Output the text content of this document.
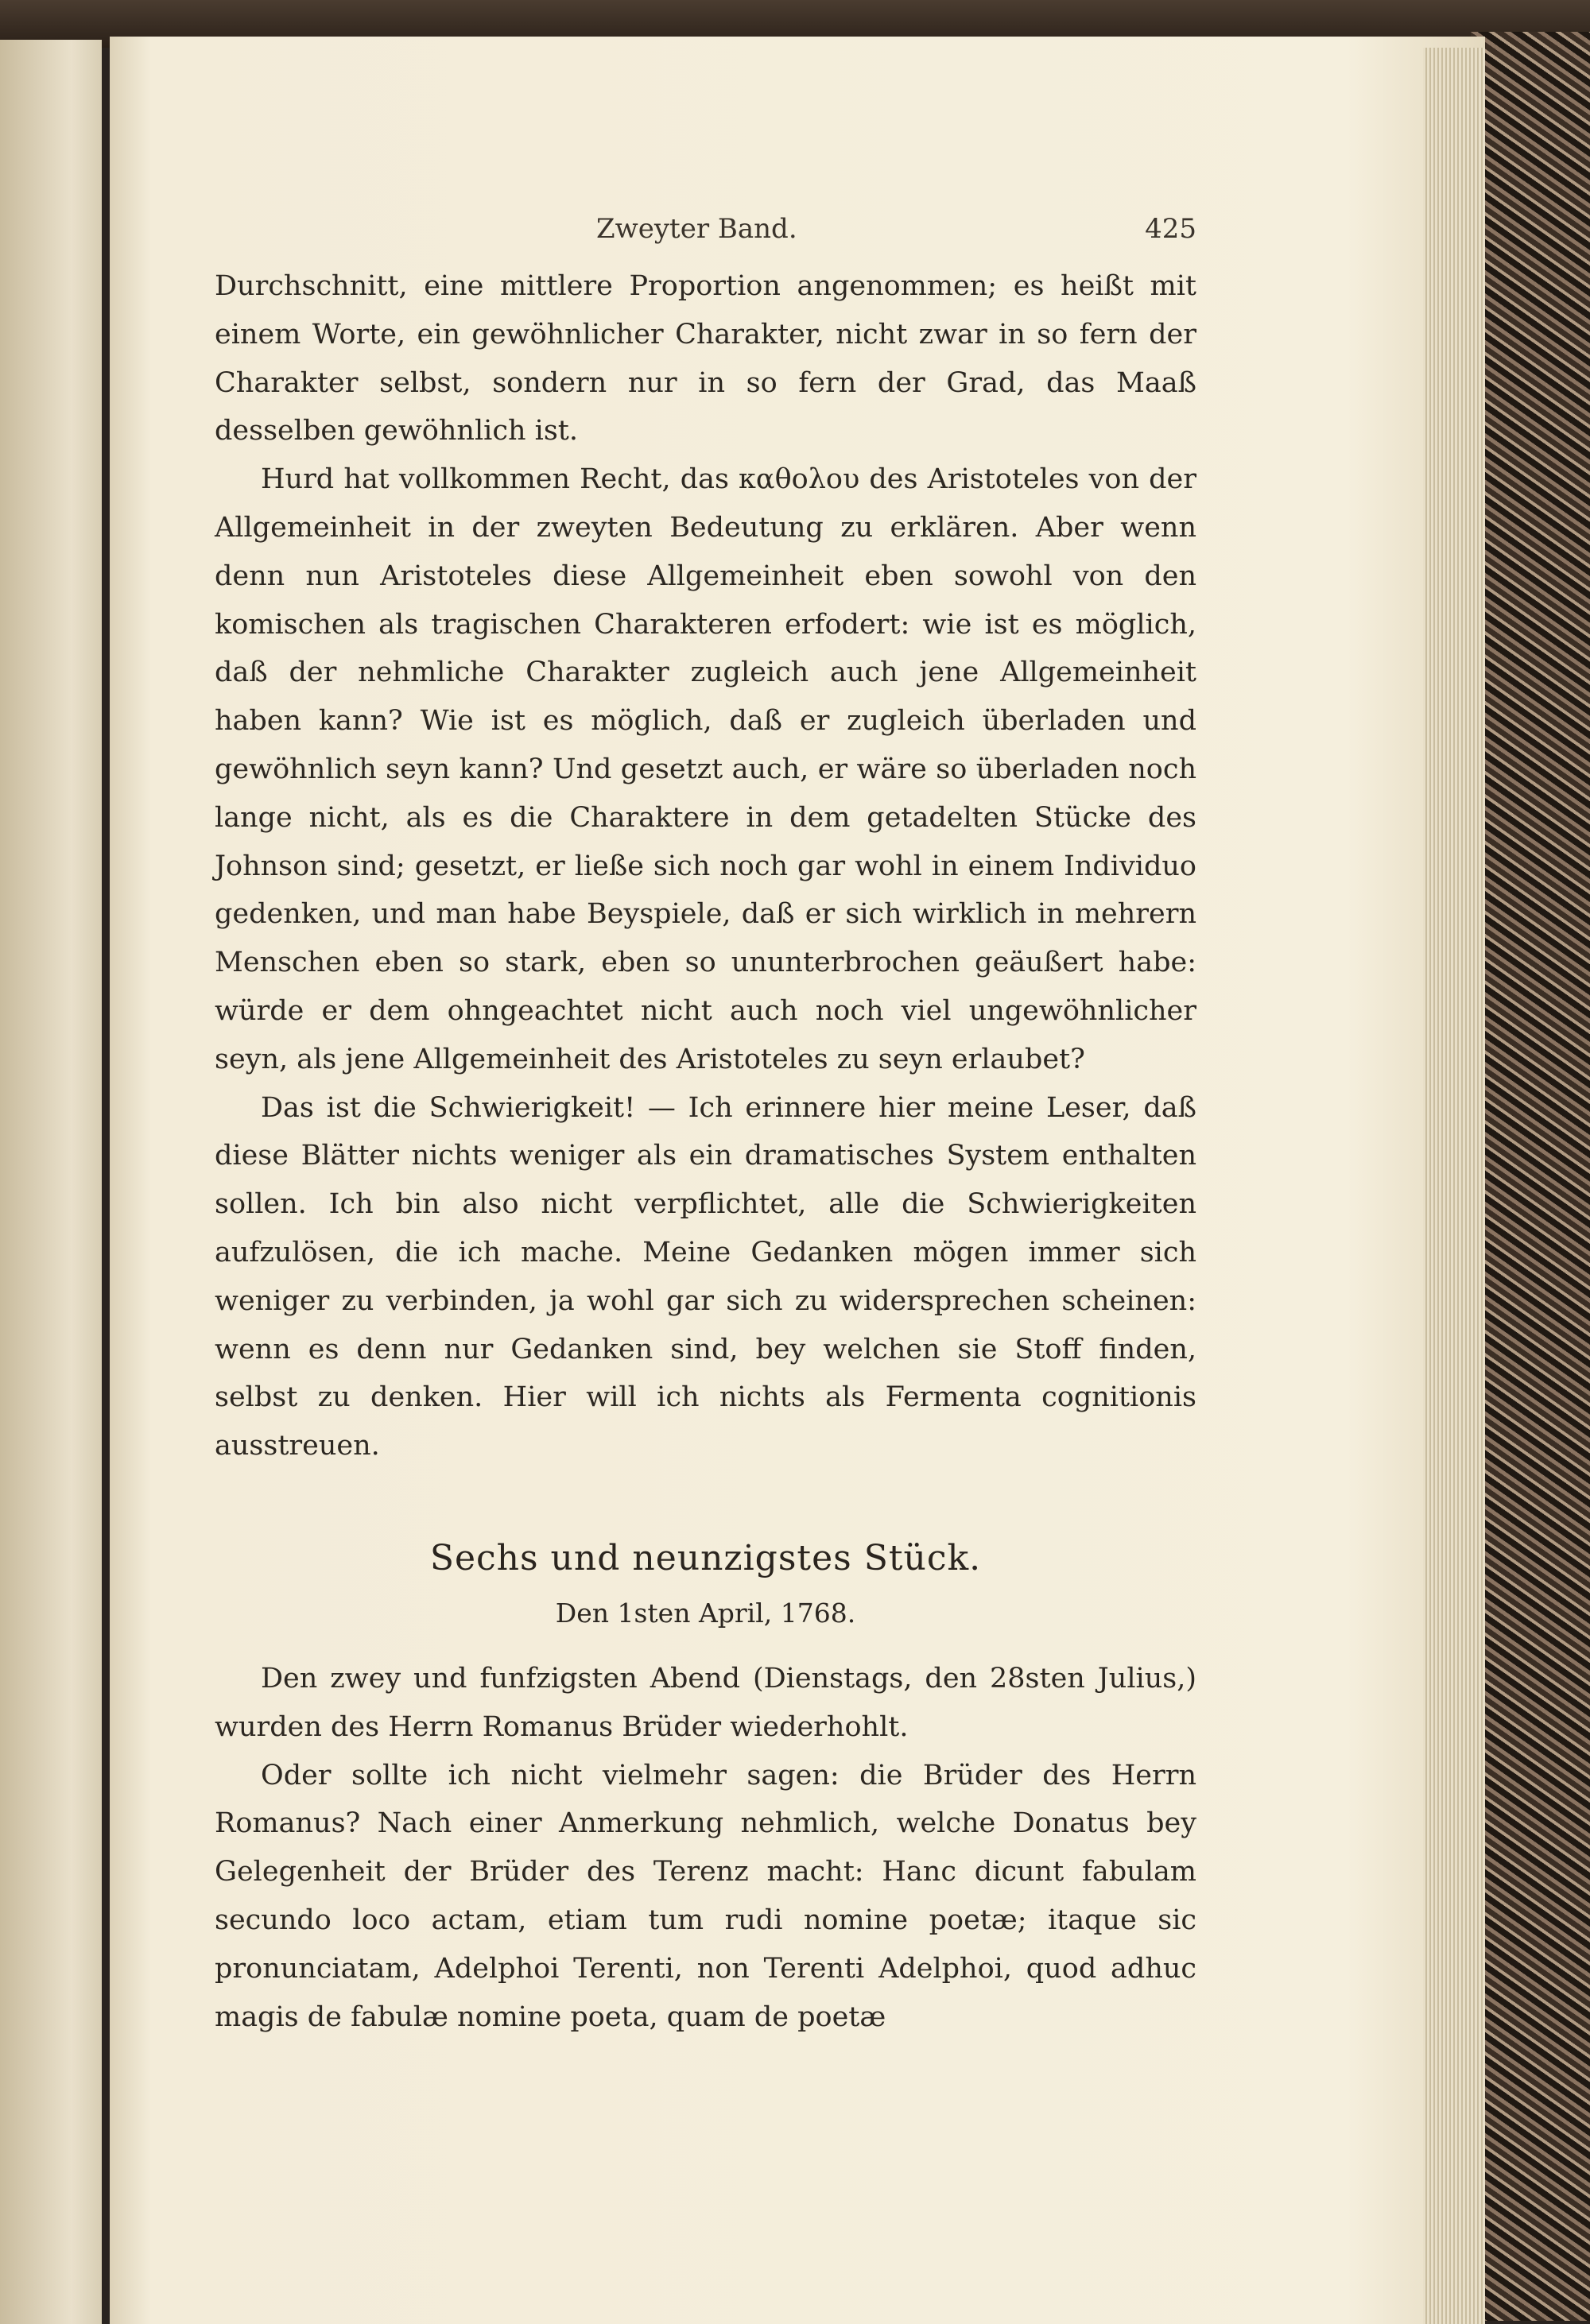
Zweyter Band.	425

Durchschnitt, eine mittlere Proportion angenommen; es heißt mit einem Worte, ein gewöhnlicher Charakter, nicht zwar in so fern der Charakter selbst, sondern nur in so fern der Grad, das Maaß desselben gewöhnlich ist.

Hurd hat vollkommen Recht, das καθολου des Aristoteles von der Allgemeinheit in der zweyten Bedeutung zu erklären. Aber wenn denn nun Aristoteles diese Allgemeinheit eben sowohl von den komischen als tragischen Charakteren erfodert: wie ist es möglich, daß der nehmliche Charakter zugleich auch jene Allgemeinheit haben kann? Wie ist es möglich, daß er zugleich überladen und gewöhnlich seyn kann? Und gesetzt auch, er wäre so überladen noch lange nicht, als es die Charaktere in dem getadelten Stücke des Johnson sind; gesetzt, er ließe sich noch gar wohl in einem Individuo gedenken, und man habe Beyspiele, daß er sich wirklich in mehrern Menschen eben so stark, eben so ununterbrochen geäußert habe: würde er dem ohngeachtet nicht auch noch viel ungewöhnlicher seyn, als jene Allgemeinheit des Aristoteles zu seyn erlaubet?

Das ist die Schwierigkeit! — Ich erinnere hier meine Leser, daß diese Blätter nichts weniger als ein dramatisches System enthalten sollen. Ich bin also nicht verpflichtet, alle die Schwierigkeiten aufzulösen, die ich mache. Meine Gedanken mögen immer sich weniger zu verbinden, ja wohl gar sich zu widersprechen scheinen: wenn es denn nur Gedanken sind, bey welchen sie Stoff finden, selbst zu denken. Hier will ich nichts als Fermenta cognitionis ausstreuen.

Sechs und neunzigstes Stück.
Den 1sten April, 1768.

Den zwey und funfzigsten Abend (Dienstags, den 28sten Julius,) wurden des Herrn Romanus Brüder wiederhohlt.

Oder sollte ich nicht vielmehr sagen: die Brüder des Herrn Romanus? Nach einer Anmerkung nehmlich, welche Donatus bey Gelegenheit der Brüder des Terenz macht: Hanc dicunt fabulam secundo loco actam, etiam tum rudi nomine poetæ; itaque sic pronunciatam, Adelphoi Terenti, non Terenti Adelphoi, quod adhuc magis de fabulæ nomine poeta, quam de poetæ
